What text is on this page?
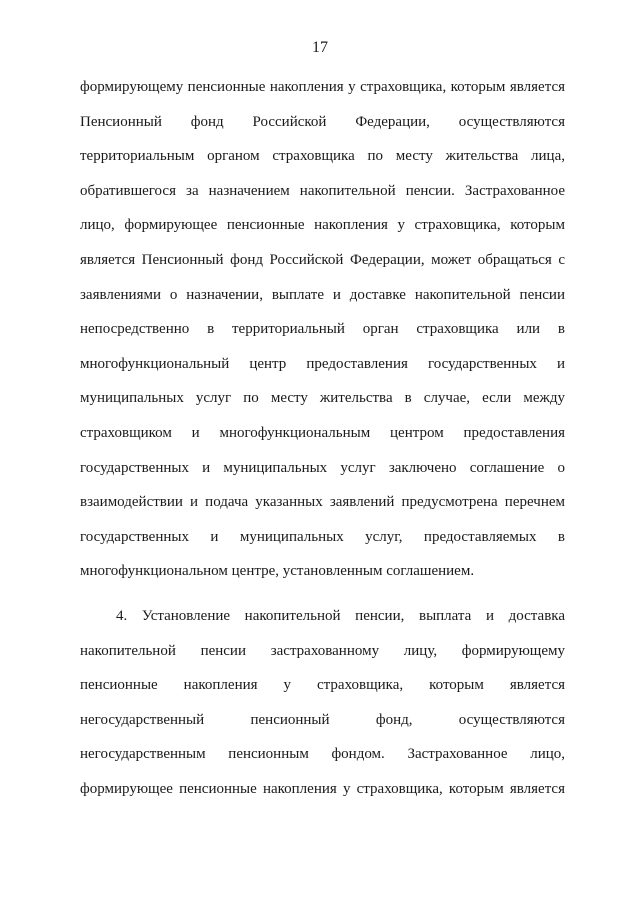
17
формирующему пенсионные накопления у страховщика, которым является
Пенсионный фонд Российской Федерации, осуществляются
территориальным органом страховщика по месту жительства лица,
обратившегося за назначением накопительной пенсии. Застрахованное
лицо, формирующее пенсионные накопления у страховщика, которым
является Пенсионный фонд Российской Федерации, может обращаться с
заявлениями о назначении, выплате и доставке накопительной пенсии
непосредственно в территориальный орган страховщика или в
многофункциональный центр предоставления государственных и
муниципальных услуг по месту жительства в случае, если между
страховщиком и многофункциональным центром предоставления
государственных и муниципальных услуг заключено соглашение о
взаимодействии и подача указанных заявлений предусмотрена перечнем
государственных и муниципальных услуг, предоставляемых в
многофункциональном центре, установленным соглашением.
4. Установление накопительной пенсии, выплата и доставка
накопительной пенсии застрахованному лицу, формирующему
пенсионные накопления у страховщика, которым является
негосударственный пенсионный фонд, осуществляются
негосударственным пенсионным фондом. Застрахованное лицо,
формирующее пенсионные накопления у страховщика, которым является
